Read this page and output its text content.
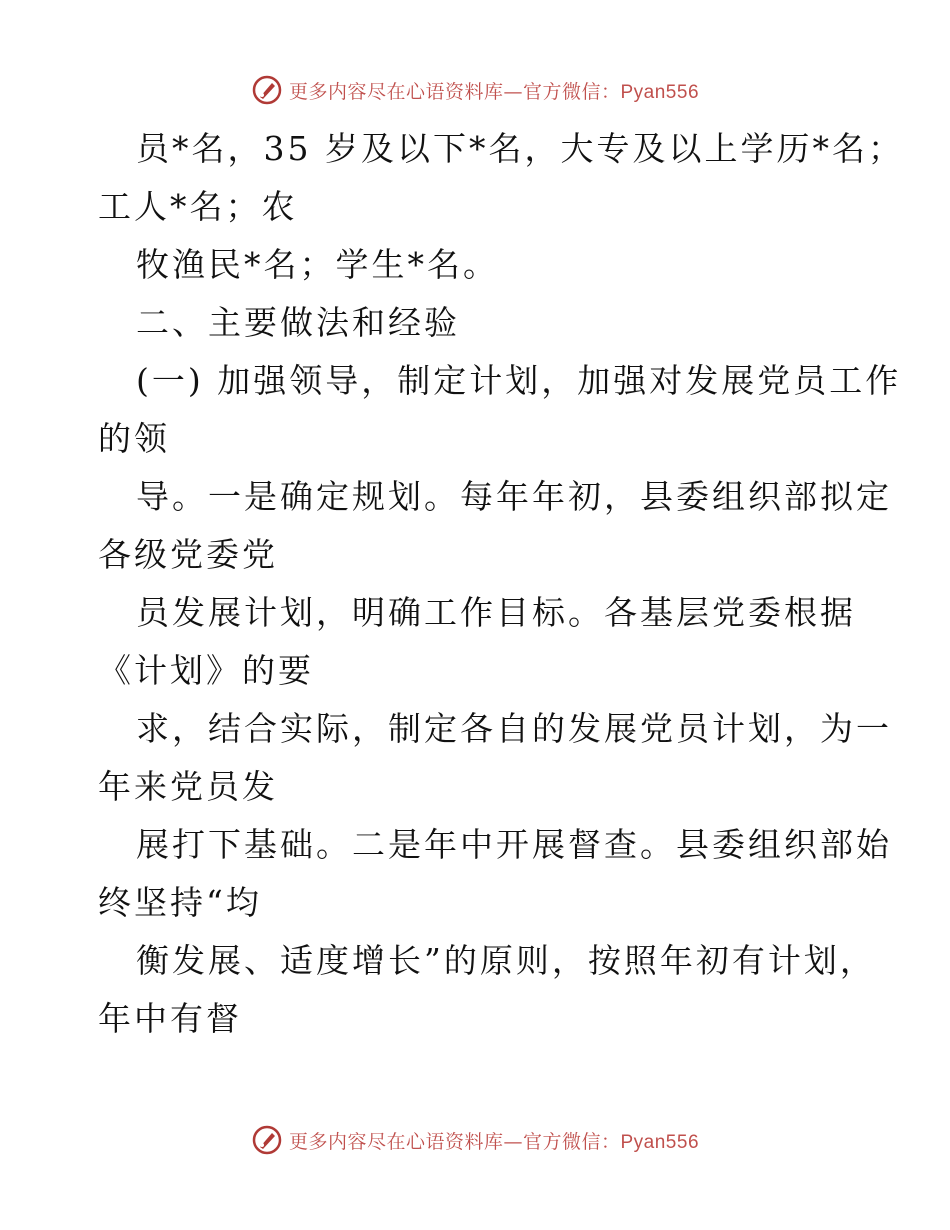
更多内容尽在心语资料库—官方微信：Pyan556
员*名，35 岁及以下*名，大专及以上学历*名；
工人*名；农
牧渔民*名；学生*名。
二、主要做法和经验
(一) 加强领导，制定计划，加强对发展党员工作
的领
导。一是确定规划。每年年初，县委组织部拟定
各级党委党
员发展计划，明确工作目标。各基层党委根据
《计划》的要
求，结合实际，制定各自的发展党员计划，为一
年来党员发
展打下基础。二是年中开展督查。县委组织部始
终坚持“均
衡发展、适度增长”的原则，按照年初有计划，
年中有督
更多内容尽在心语资料库—官方微信：Pyan556
